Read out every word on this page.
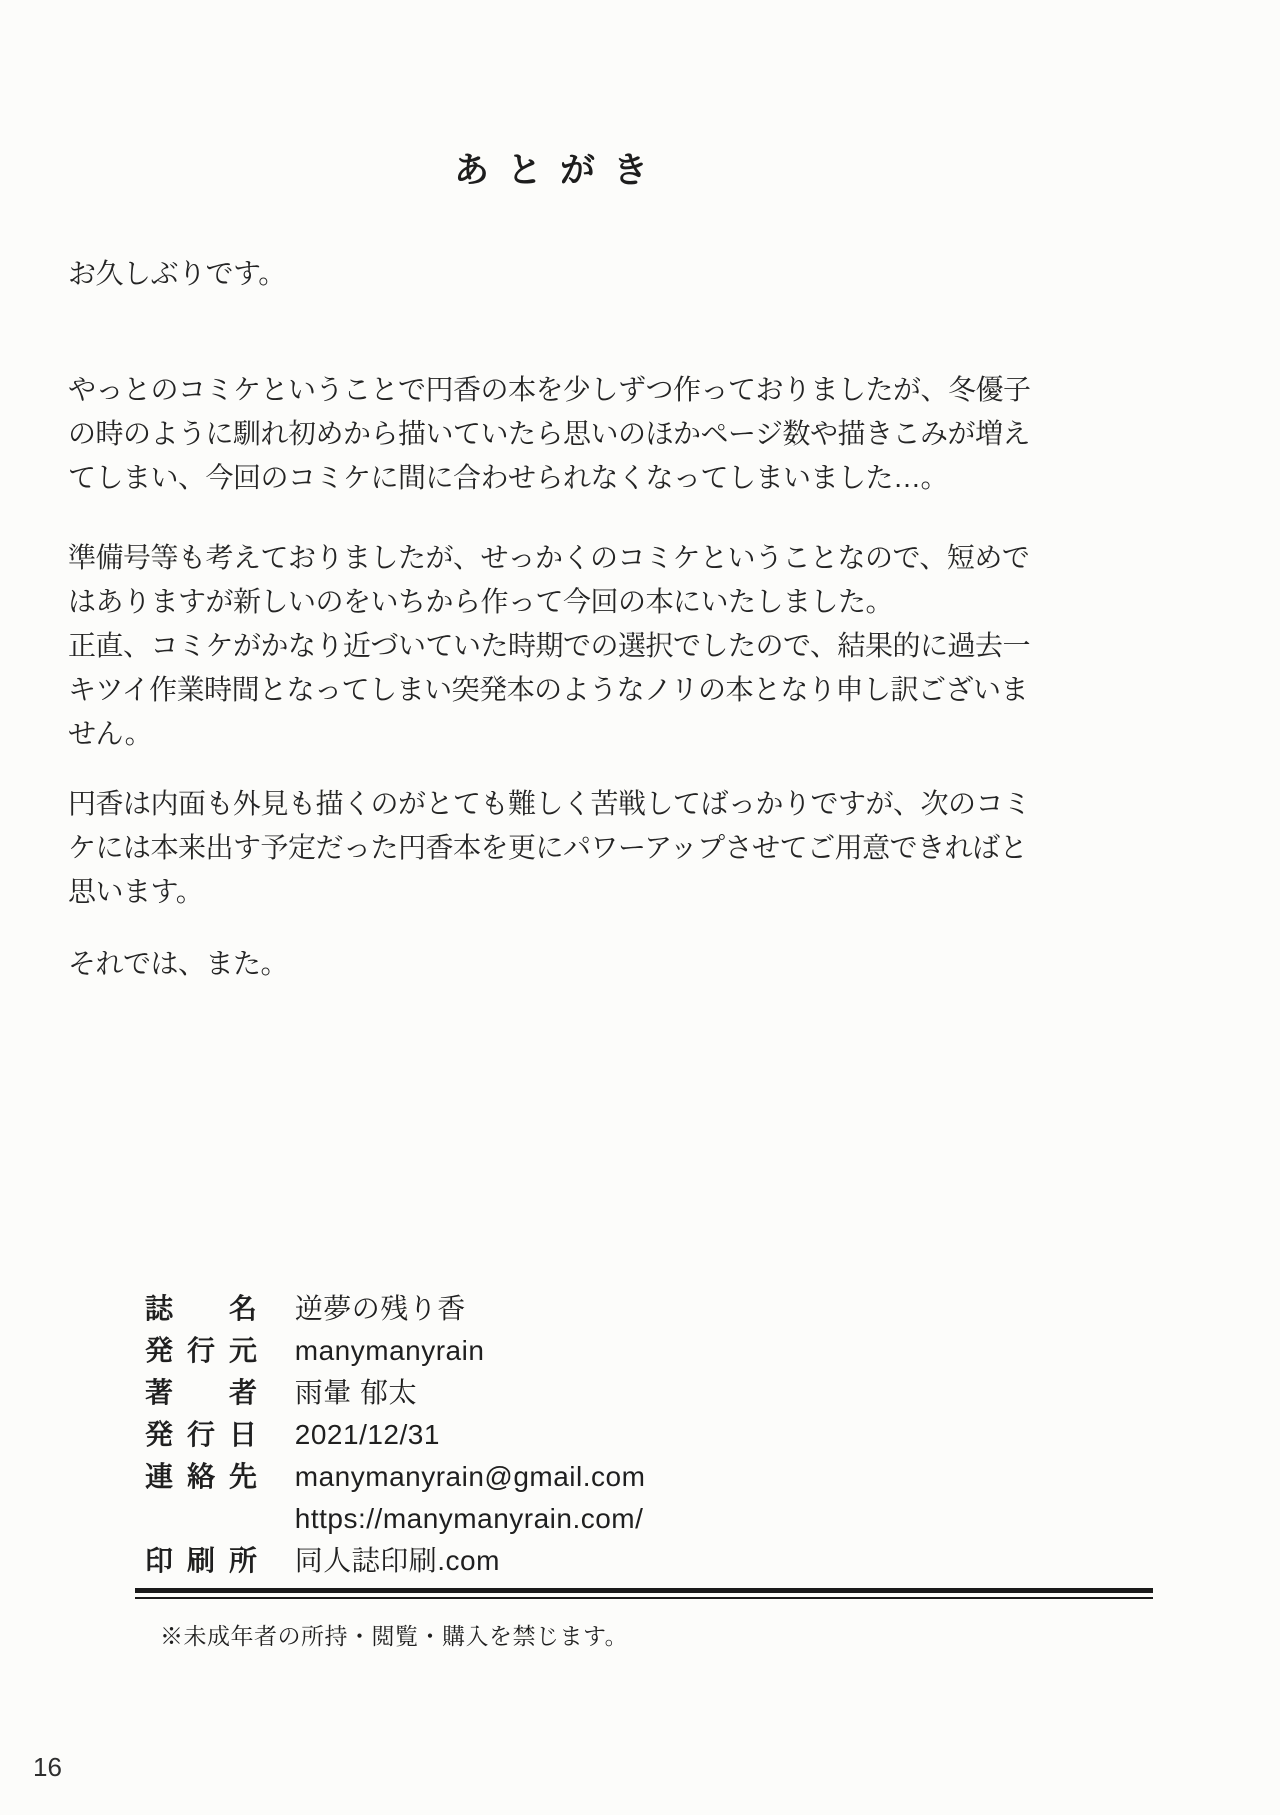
あとがき
お久しぶりです。
やっとのコミケということで円香の本を少しずつ作っておりましたが、冬優子
の時のように馴れ初めから描いていたら思いのほかページ数や描きこみが増え
てしまい、今回のコミケに間に合わせられなくなってしまいました…。
準備号等も考えておりましたが、せっかくのコミケということなので、短めで
はありますが新しいのをいちから作って今回の本にいたしました。
正直、コミケがかなり近づいていた時期での選択でしたので、結果的に過去一
キツイ作業時間となってしまい突発本のようなノリの本となり申し訳ございま
せん。
円香は内面も外見も描くのがとても難しく苦戦してばっかりですが、次のコミ
ケには本来出す予定だった円香本を更にパワーアップさせてご用意できればと
思います。
それでは、また。
誌名 逆夢の残り香
発行元 manymanyrain
著者 雨暈 郁太
発行日 2021/12/31
連絡先 manymanyrain@gmail.com
https://manymanyrain.com/
印刷所 同人誌印刷.com
※未成年者の所持・閲覧・購入を禁じます。
16
